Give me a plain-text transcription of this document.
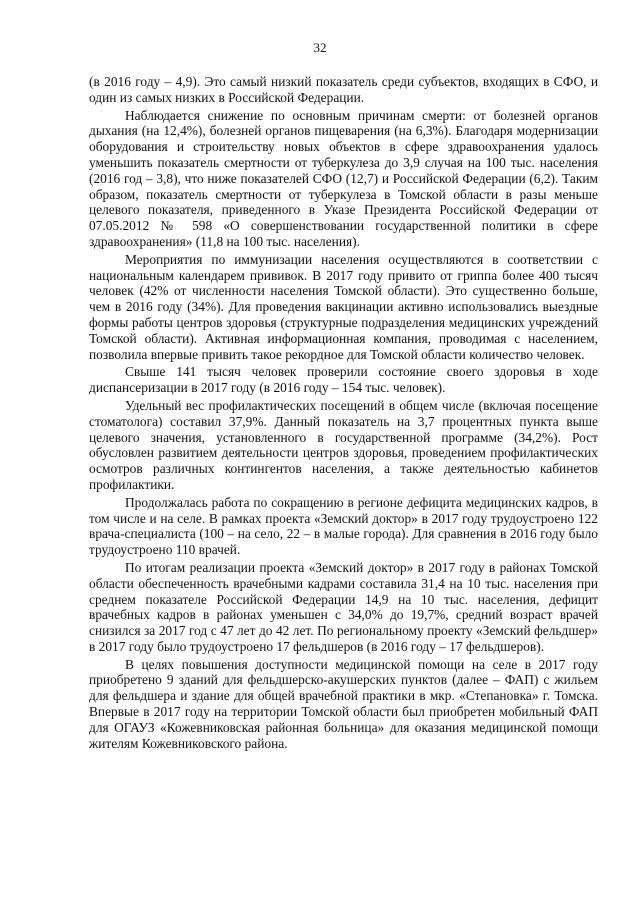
32

(в 2016 году – 4,9). Это самый низкий показатель среди субъектов, входящих в СФО, и один из самых низких в Российской Федерации.

Наблюдается снижение по основным причинам смерти: от болезней органов дыхания (на 12,4%), болезней органов пищеварения (на 6,3%). Благодаря модернизации оборудования и строительству новых объектов в сфере здравоохранения удалось уменьшить показатель смертности от туберкулеза до 3,9 случая на 100 тыс. населения (2016 год – 3,8), что ниже показателей СФО (12,7) и Российской Федерации (6,2). Таким образом, показатель смертности от туберкулеза в Томской области в разы меньше целевого показателя, приведенного в Указе Президента Российской Федерации от 07.05.2012 № 598 «О совершенствовании государственной политики в сфере здравоохранения» (11,8 на 100 тыс. населения).

Мероприятия по иммунизации населения осуществляются в соответствии с национальным календарем прививок. В 2017 году привито от гриппа более 400 тысяч человек (42% от численности населения Томской области). Это существенно больше, чем в 2016 году (34%). Для проведения вакцинации активно использовались выездные формы работы центров здоровья (структурные подразделения медицинских учреждений Томской области). Активная информационная компания, проводимая с населением, позволила впервые привить такое рекордное для Томской области количество человек.

Свыше 141 тысяч человек проверили состояние своего здоровья в ходе диспансеризации в 2017 году (в 2016 году – 154 тыс. человек).

Удельный вес профилактических посещений в общем числе (включая посещение стоматолога) составил 37,9%. Данный показатель на 3,7 процентных пункта выше целевого значения, установленного в государственной программе (34,2%). Рост обусловлен развитием деятельности центров здоровья, проведением профилактических осмотров различных контингентов населения, а также деятельностью кабинетов профилактики.

Продолжалась работа по сокращению в регионе дефицита медицинских кадров, в том числе и на селе. В рамках проекта «Земский доктор» в 2017 году трудоустроено 122 врача-специалиста (100 – на село, 22 – в малые города). Для сравнения в 2016 году было трудоустроено 110 врачей.

По итогам реализации проекта «Земский доктор» в 2017 году в районах Томской области обеспеченность врачебными кадрами составила 31,4 на 10 тыс. населения при среднем показателе Российской Федерации 14,9 на 10 тыс. населения, дефицит врачебных кадров в районах уменьшен с 34,0% до 19,7%, средний возраст врачей снизился за 2017 год с 47 лет до 42 лет. По региональному проекту «Земский фельдшер» в 2017 году было трудоустроено 17 фельдшеров (в 2016 году – 17 фельдшеров).

В целях повышения доступности медицинской помощи на селе в 2017 году приобретено 9 зданий для фельдшерско-акушерских пунктов (далее – ФАП) с жильем для фельдшера и здание для общей врачебной практики в мкр. «Степановка» г. Томска. Впервые в 2017 году на территории Томской области был приобретен мобильный ФАП для ОГАУЗ «Кожевниковская районная больница» для оказания медицинской помощи жителям Кожевниковского района.
